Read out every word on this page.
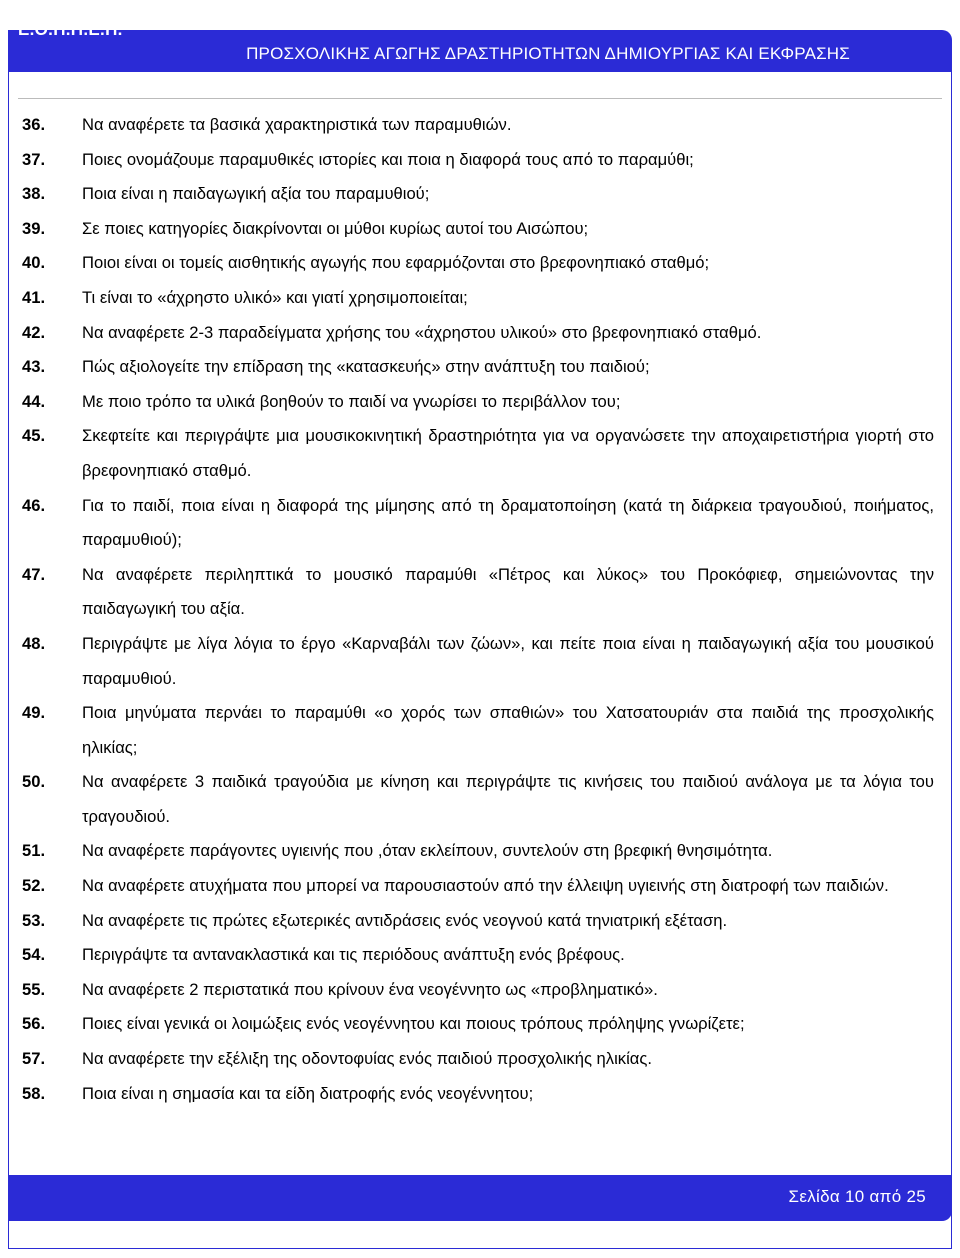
Ε.Ο.Π.Π.Ε.Π.
ΠΡΟΣΧΟΛΙΚΗΣ ΑΓΩΓΗΣ ΔΡΑΣΤΗΡΙΟΤΗΤΩΝ ΔΗΜΙΟΥΡΓΙΑΣ ΚΑΙ ΕΚΦΡΑΣΗΣ
36.	Να αναφέρετε τα βασικά χαρακτηριστικά των παραμυθιών.
37.	Ποιες ονομάζουμε παραμυθικές ιστορίες και ποια η διαφορά τους από το παραμύθι;
38.	Ποια είναι η παιδαγωγική αξία του παραμυθιού;
39.	Σε ποιες κατηγορίες διακρίνονται οι μύθοι κυρίως αυτοί του Αισώπου;
40.	Ποιοι είναι οι τομείς αισθητικής αγωγής που εφαρμόζονται στο βρεφονηπιακό σταθμό;
41.	Τι είναι το «άχρηστο υλικό» και γιατί χρησιμοποιείται;
42.	Να αναφέρετε 2-3 παραδείγματα χρήσης του «άχρηστου υλικού» στο βρεφονηπιακό σταθμό.
43.	Πώς αξιολογείτε την επίδραση της «κατασκευής» στην ανάπτυξη του παιδιού;
44.	Με ποιο τρόπο τα υλικά βοηθούν το παιδί να γνωρίσει το περιβάλλον του;
45.	Σκεφτείτε και περιγράψτε μια μουσικοκινητική δραστηριότητα για να οργανώσετε την αποχαιρετιστήρια γιορτή στο βρεφονηπιακό σταθμό.
46.	Για το παιδί, ποια είναι η διαφορά της μίμησης από τη δραματοποίηση (κατά τη διάρκεια τραγουδιού, ποιήματος, παραμυθιού);
47.	Να αναφέρετε περιληπτικά το μουσικό παραμύθι «Πέτρος και λύκος» του Προκόφιεφ, σημειώνοντας την παιδαγωγική του αξία.
48.	Περιγράψτε με λίγα λόγια το έργο «Καρναβάλι των ζώων», και πείτε ποια είναι η παιδαγωγική αξία του μουσικού παραμυθιού.
49.	Ποια μηνύματα περνάει το παραμύθι «ο χορός των σπαθιών» του Χατσατουριάν στα παιδιά της προσχολικής ηλικίας;
50.	Να αναφέρετε 3 παιδικά τραγούδια με κίνηση και περιγράψτε τις κινήσεις του παιδιού ανάλογα με τα λόγια του τραγουδιού.
51.	Να αναφέρετε παράγοντες υγιεινής που ,όταν εκλείπουν, συντελούν στη βρεφική θνησιμότητα.
52.	Να αναφέρετε ατυχήματα που μπορεί να παρουσιαστούν από την έλλειψη υγιεινής στη διατροφή των παιδιών.
53.	Να αναφέρετε τις πρώτες εξωτερικές αντιδράσεις ενός νεογνού κατά τηνιατρική εξέταση.
54.	Περιγράψτε τα αντανακλαστικά και τις περιόδους ανάπτυξη ενός βρέφους.
55.	Να αναφέρετε 2 περιστατικά που κρίνουν ένα νεογέννητο ως «προβληματικό».
56.	Ποιες είναι γενικά οι λοιμώξεις ενός νεογέννητου και ποιους τρόπους πρόληψης γνωρίζετε;
57.	Να αναφέρετε την εξέλιξη της οδοντοφυίας ενός παιδιού προσχολικής ηλικίας.
58.	Ποια είναι η σημασία και τα είδη διατροφής ενός νεογέννητου;
Σελίδα 10 από 25
